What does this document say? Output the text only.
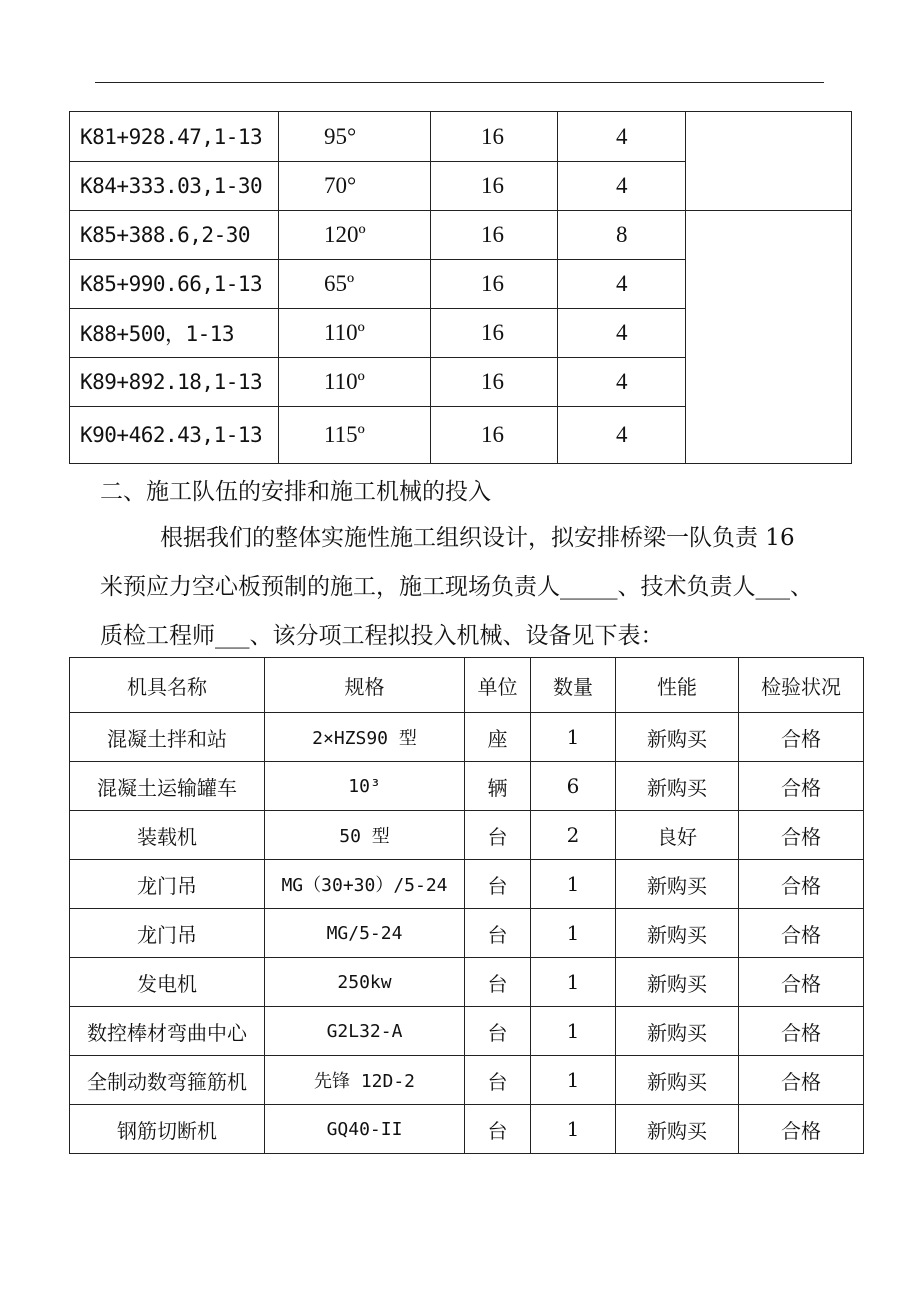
K81+928.47,1-13	95°	16	4	
K84+333.03,1-30	70°	16	4	
K85+388.6,2-30	120º	16	8	
K85+990.66,1-13	65º	16	4	
K88+500，1-13	110º	16	4	
K89+892.18,1-13	110º	16	4	
K90+462.43,1-13	115º	16	4	
二、施工队伍的安排和施工机械的投入
根据我们的整体实施性施工组织设计，拟安排桥梁一队负责 16
米预应力空心板预制的施工，施工现场负责人_____、技术负责人___、
质检工程师___、该分项工程拟投入机械、设备见下表：
机具名称	规格	单位	数量	性能	检验状况
混凝土拌和站	2×HZS90 型	座	1	新购买	合格
混凝土运输罐车	10³	辆	6	新购买	合格
装载机	50 型	台	2	良好	合格
龙门吊	MG（30+30）/5-24	台	1	新购买	合格
龙门吊	MG/5-24	台	1	新购买	合格
发电机	250kw	台	1	新购买	合格
数控棒材弯曲中心	G2L32-A	台	1	新购买	合格
全制动数弯箍筋机	先锋 12D-2	台	1	新购买	合格
钢筋切断机	GQ40-II	台	1	新购买	合格
